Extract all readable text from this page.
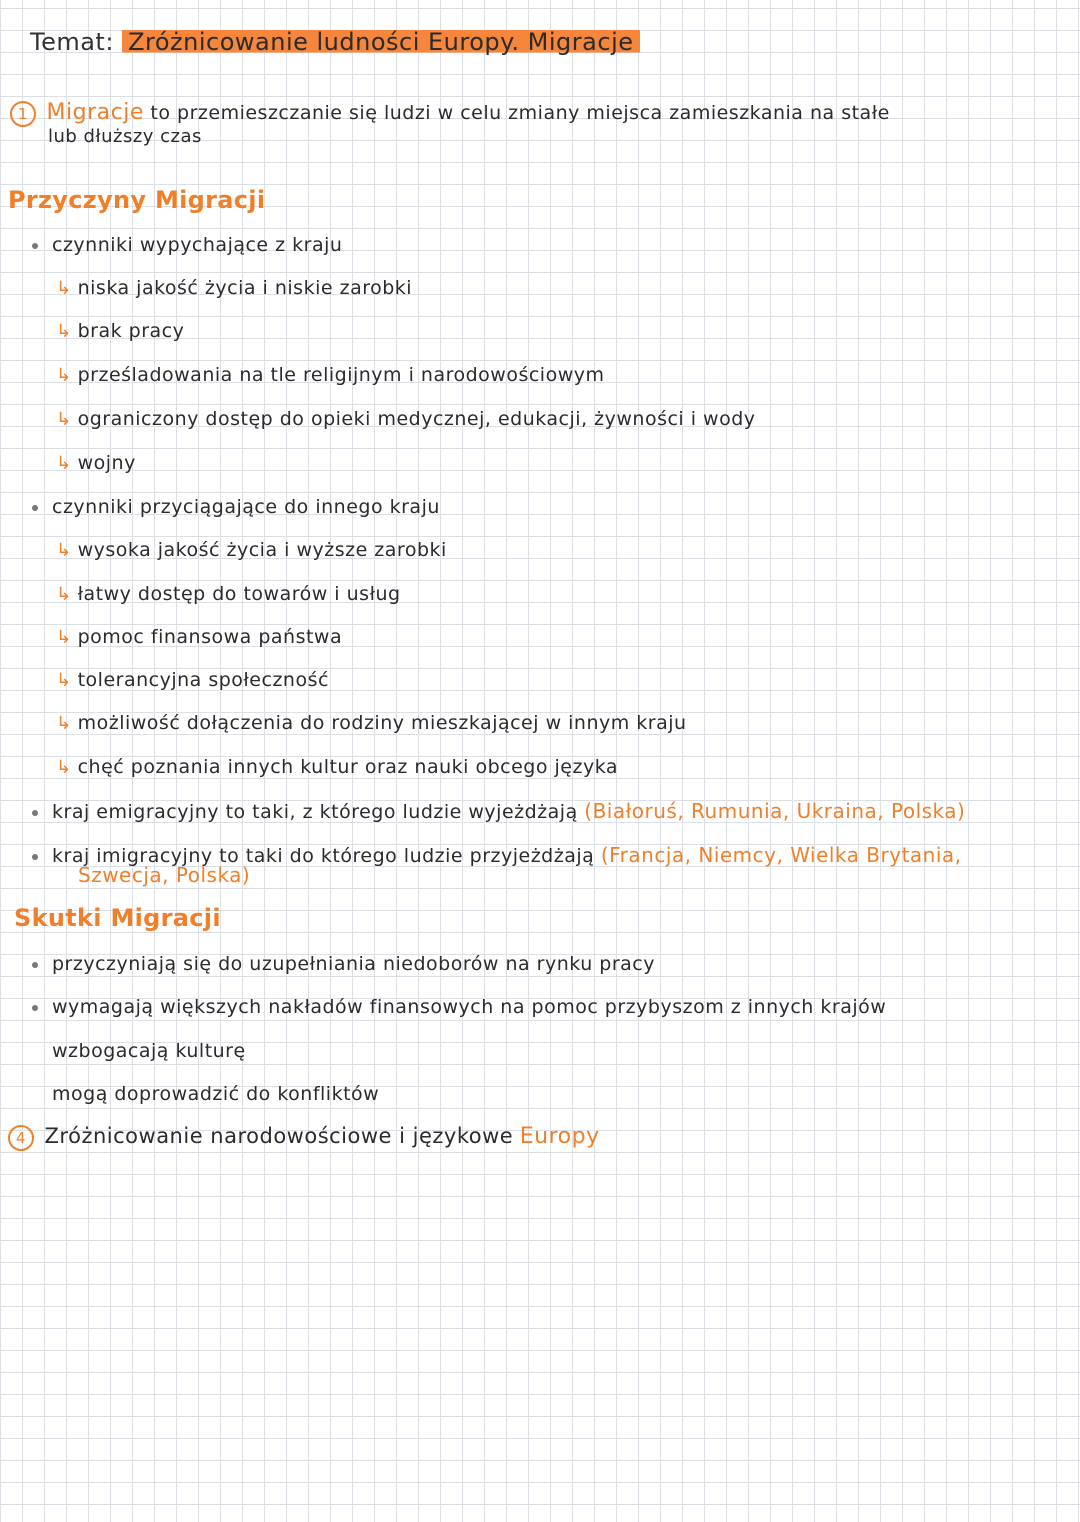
Temat: Zróżnicowanie ludności Europy. Migracje
1 Migracje to przemieszczanie się ludzi w celu zmiany miejsca zamieszkania na stałe
lub dłuższy czas
Przyczyny Migracji
czynniki wypychające z kraju
↳ niska jakość życia i niskie zarobki
↳ brak pracy
↳ prześladowania na tle religijnym i narodowościowym
↳ ograniczony dostęp do opieki medycznej, edukacji, żywności i wody
↳ wojny
czynniki przyciągające do innego kraju
↳ wysoka jakość życia i wyższe zarobki
↳ łatwy dostęp do towarów i usług
↳ pomoc finansowa państwa
↳ tolerancyjna społeczność
↳ możliwość dołączenia do rodziny mieszkającej w innym kraju
↳ chęć poznania innych kultur oraz nauki obcego języka
kraj emigracyjny to taki, z którego ludzie wyjeżdżają (Białoruś, Rumunia, Ukraina, Polska)
kraj imigracyjny to taki do którego ludzie przyjeżdżają (Francja, Niemcy, Wielka Brytania,
Szwecja, Polska)
Skutki Migracji
przyczyniają się do uzupełniania niedoborów na rynku pracy
wymagają większych nakładów finansowych na pomoc przybyszom z innych krajów
wzbogacają kulturę
mogą doprowadzić do konfliktów
4 Zróżnicowanie narodowościowe i językowe Europy
